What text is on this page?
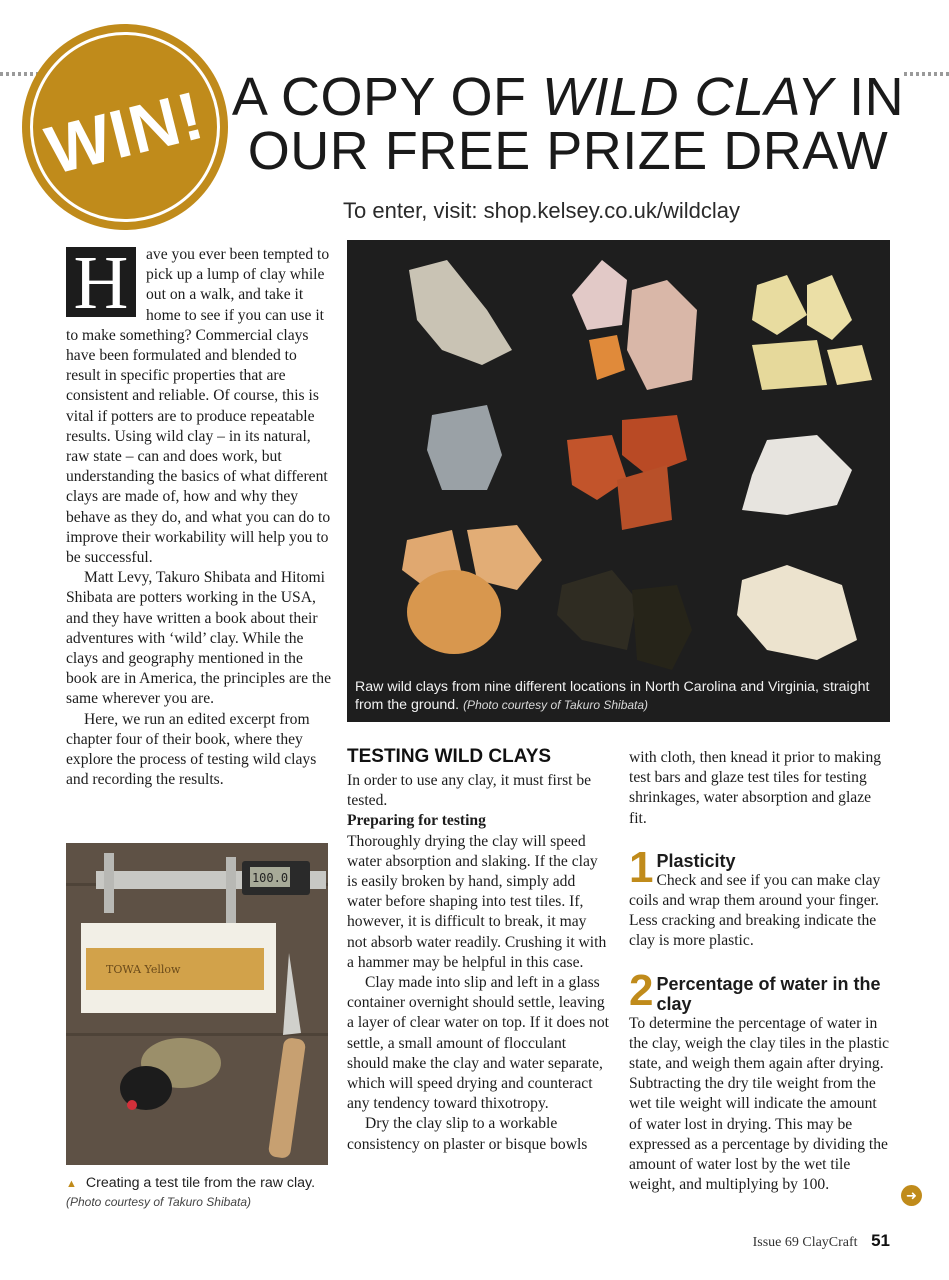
WIN! A COPY OF WILD CLAY IN
OUR FREE PRIZE DRAW
To enter, visit: shop.kelsey.co.uk/wildclay
H	ave you ever been tempted to pick up a lump of clay while out on a walk, and take it home to see if you can use it to make something? Commercial clays have been formulated and blended to result in specific properties that are consistent and reliable. Of course, this is vital if potters are to produce repeatable results. Using wild clay – in its natural, raw state – can and does work, but understanding the basics of what different clays are made of, how and why they behave as they do, and what you can do to improve their workability will help you to be successful.

Matt Levy, Takuro Shibata and Hitomi Shibata are potters working in the USA, and they have written a book about their adventures with ‘wild’ clay. While the clays and geography mentioned in the book are in America, the principles are the same wherever you are.

Here, we run an edited excerpt from chapter four of their book, where they explore the process of testing wild clays and recording the results.

Raw wild clays from nine different locations in North Carolina and Virginia, straight from the ground. (Photo courtesy of Takuro Shibata)
100.0
TOWA Yellow
▲ Creating a test tile from the raw clay. (Photo courtesy of Takuro Shibata)
TESTING WILD CLAYS

In order to use any clay, it must first be tested.

Preparing for testing

Thoroughly drying the clay will speed water absorption and slaking. If the clay is easily broken by hand, simply add water before shaping into test tiles. If, however, it is difficult to break, it may not absorb water readily. Crushing it with a hammer may be helpful in this case.

Clay made into slip and left in a glass container overnight should settle, leaving a layer of clear water on top. If it does not settle, a small amount of flocculant should make the clay and water separate, which will speed drying and counteract any tendency toward thixotropy.

Dry the clay slip to a workable consistency on plaster or bisque bowls

with cloth, then knead it prior to making test bars and glaze test tiles for testing shrinkages, water absorption and glaze fit.

1 Plasticity

Check and see if you can make clay coils and wrap them around your finger. Less cracking and breaking indicate the clay is more plastic.

2 Percentage of water in the clay

To determine the percentage of water in the clay, weigh the clay tiles in the plastic state, and weigh them again after drying. Subtracting the dry tile weight from the wet tile weight will indicate the amount of water lost in drying. This may be expressed as a percentage by dividing the amount of water lost by the wet tile weight, and multiplying by 100.

➜
Issue 69 ClayCraft 51
